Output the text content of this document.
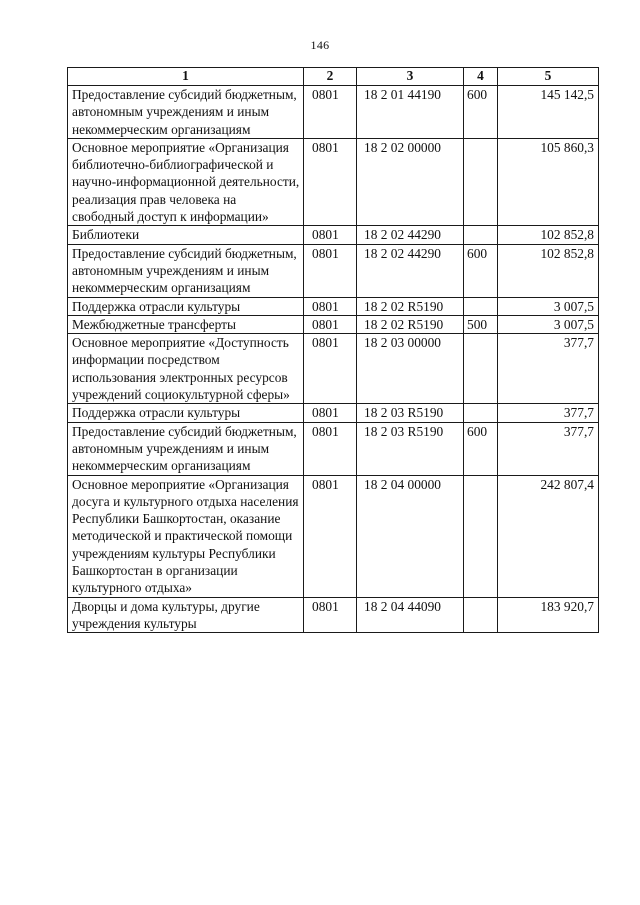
146
1	2	3	4	5
Предоставление субсидий бюджетным, автономным учреждениям и иным некоммерческим организациям	0801	18 2 01 44190	600	145 142,5
Основное мероприятие «Организация библиотечно-библиографической и научно-информационной деятельности, реализация прав человека на свободный доступ к информации»	0801	18 2 02 00000		105 860,3
Библиотеки	0801	18 2 02 44290		102 852,8
Предоставление субсидий бюджетным, автономным учреждениям и иным некоммерческим организациям	0801	18 2 02 44290	600	102 852,8
Поддержка отрасли культуры	0801	18 2 02 R5190		3 007,5
Межбюджетные трансферты	0801	18 2 02 R5190	500	3 007,5
Основное мероприятие «Доступность информации посредством использования электронных ресурсов учреждений социокультурной сферы»	0801	18 2 03 00000		377,7
Поддержка отрасли культуры	0801	18 2 03 R5190		377,7
Предоставление субсидий бюджетным, автономным учреждениям и иным некоммерческим организациям	0801	18 2 03 R5190	600	377,7
Основное мероприятие «Организация досуга и культурного отдыха населения Республики Башкортостан, оказание методической и практической помощи учреждениям культуры Республики Башкортостан в организации культурного отдыха»	0801	18 2 04 00000		242 807,4
Дворцы и дома культуры, другие учреждения культуры	0801	18 2 04 44090		183 920,7
